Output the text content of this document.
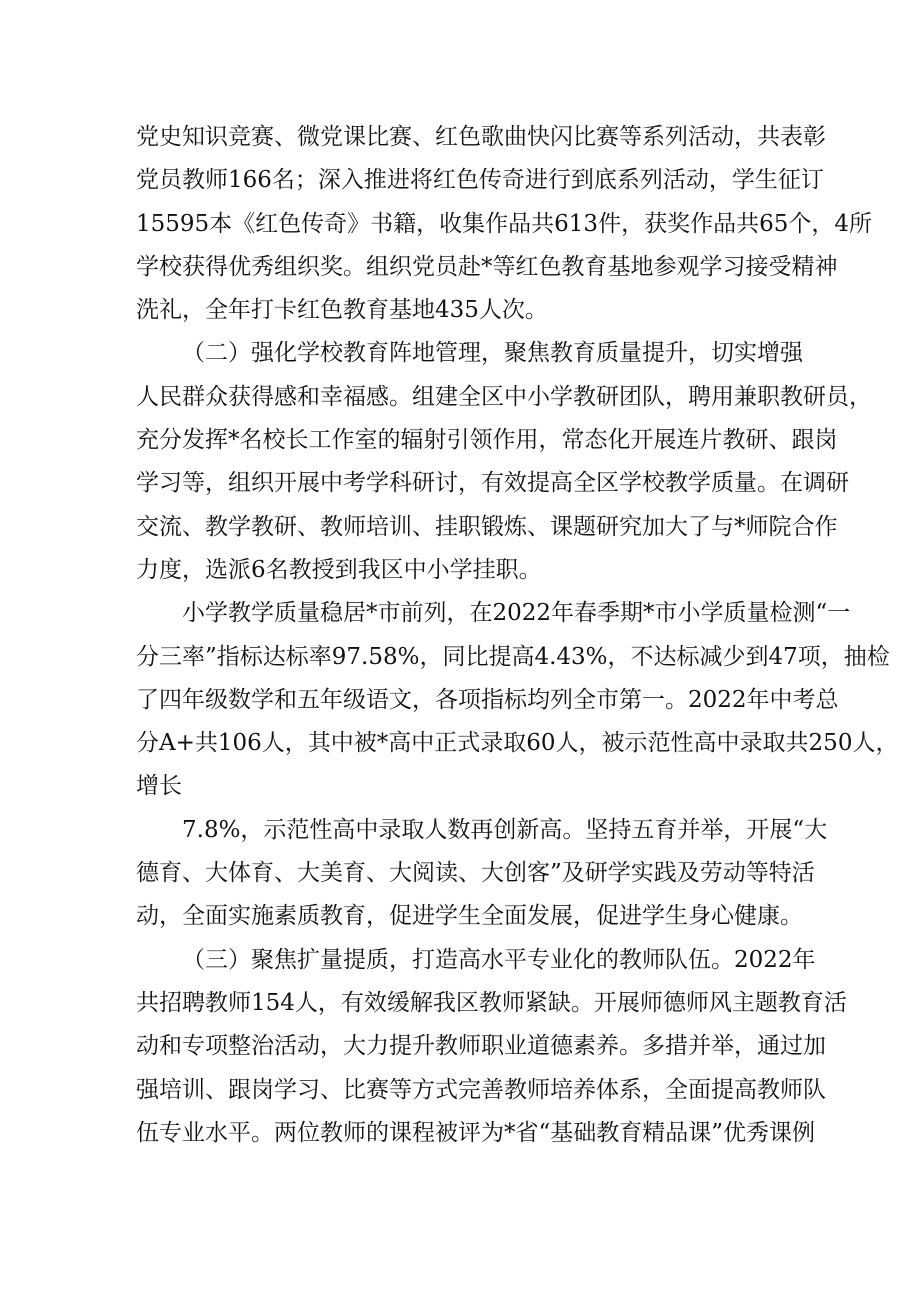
党史知识竞赛、微党课比赛、红色歌曲快闪比赛等系列活动，共表彰
党员教师166名；深入推进将红色传奇进行到底系列活动，学生征订
15595本《红色传奇》书籍，收集作品共613件，获奖作品共65个，4所
学校获得优秀组织奖。组织党员赴*等红色教育基地参观学习接受精神
洗礼，全年打卡红色教育基地435人次。
（二）强化学校教育阵地管理，聚焦教育质量提升，切实增强
人民群众获得感和幸福感。组建全区中小学教研团队，聘用兼职教研员，
充分发挥*名校长工作室的辐射引领作用，常态化开展连片教研、跟岗
学习等，组织开展中考学科研讨，有效提高全区学校教学质量。在调研
交流、教学教研、教师培训、挂职锻炼、课题研究加大了与*师院合作
力度，选派6名教授到我区中小学挂职。
小学教学质量稳居*市前列，在2022年春季期*市小学质量检测“一
分三率”指标达标率97.58%，同比提高4.43%，不达标减少到47项，抽检
了四年级数学和五年级语文，各项指标均列全市第一。2022年中考总
分A+共106人，其中被*高中正式录取60人，被示范性高中录取共250人，
增长
7.8%，示范性高中录取人数再创新高。坚持五育并举，开展“大
德育、大体育、大美育、大阅读、大创客”及研学实践及劳动等特活
动，全面实施素质教育，促进学生全面发展，促进学生身心健康。
（三）聚焦扩量提质，打造高水平专业化的教师队伍。2022年
共招聘教师154人，有效缓解我区教师紧缺。开展师德师风主题教育活
动和专项整治活动，大力提升教师职业道德素养。多措并举，通过加
强培训、跟岗学习、比赛等方式完善教师培养体系，全面提高教师队
伍专业水平。两位教师的课程被评为*省“基础教育精品课”优秀课例
